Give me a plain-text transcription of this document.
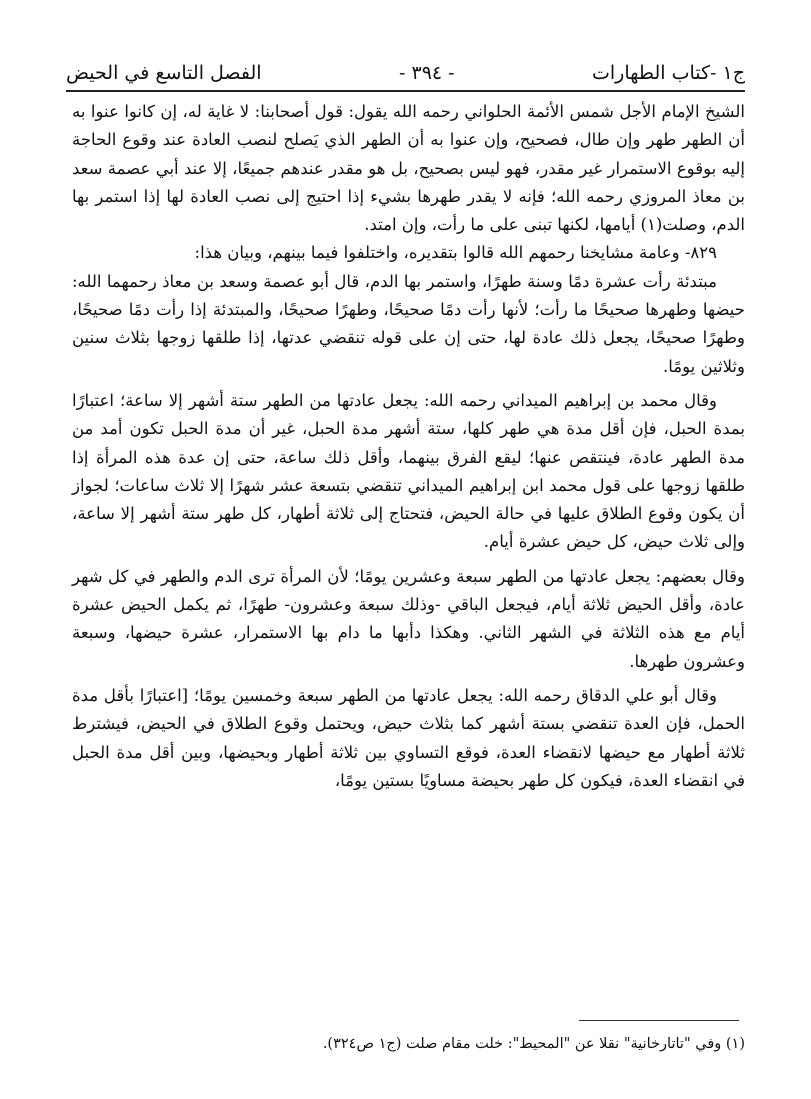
ج١ -كتاب الطهارات
- ٣٩٤ -
الفصل التاسع في الحيض

الشيخ الإمام الأجل شمس الأئمة الحلواني رحمه الله يقول: قول أصحابنا: لا غاية له، إن كانوا عنوا به أن الطهر طهر وإن طال، فصحيح، وإن عنوا به أن الطهر الذي يَصلح لنصب العادة عند وقوع الحاجة إليه بوقوع الاستمرار غير مقدر، فهو ليس بصحيح، بل هو مقدر عندهم جميعًا، إلا عند أبي عصمة سعد بن معاذ المروزي رحمه الله؛ فإنه لا يقدر طهرها بشيء إذا احتيج إلى نصب العادة لها إذا استمر بها الدم، وصلت(١) أيامها، لكنها تبنى على ما رأت، وإن امتد.

٨٢٩- وعامة مشايخنا رحمهم الله قالوا بتقديره، واختلفوا فيما بينهم، وبيان هذا:

مبتدئة رأت عشرة دمًا وسنة طهرًا، واستمر بها الدم، قال أبو عصمة وسعد بن معاذ رحمهما الله: حيضها وطهرها صحيحًا ما رأت؛ لأنها رأت دمًا صحيحًا، وطهرًا صحيحًا، والمبتدئة إذا رأت دمًا صحيحًا، وطهرًا صحيحًا، يجعل ذلك عادة لها، حتى إن على قوله تنقضي عدتها، إذا طلقها زوجها بثلاث سنين وثلاثين يومًا.

وقال محمد بن إبراهيم الميداني رحمه الله: يجعل عادتها من الطهر ستة أشهر إلا ساعة؛ اعتبارًا بمدة الحبل، فإن أقل مدة هي طهر كلها، ستة أشهر مدة الحبل، غير أن مدة الحبل تكون أمد من مدة الطهر عادة، فينتقص عنها؛ ليقع الفرق بينهما، وأقل ذلك ساعة، حتى إن عدة هذه المرأة إذا طلقها زوجها على قول محمد ابن إبراهيم الميداني تنقضي بتسعة عشر شهرًا إلا ثلاث ساعات؛ لجواز أن يكون وقوع الطلاق عليها في حالة الحيض، فتحتاج إلى ثلاثة أطهار، كل طهر ستة أشهر إلا ساعة، وإلى ثلاث حيض، كل حيض عشرة أيام.

وقال بعضهم: يجعل عادتها من الطهر سبعة وعشرين يومًا؛ لأن المرأة ترى الدم والطهر في كل شهر عادة، وأقل الحيض ثلاثة أيام، فيجعل الباقي -وذلك سبعة وعشرون- طهرًا، ثم يكمل الحيض عشرة أيام مع هذه الثلاثة في الشهر الثاني. وهكذا دأبها ما دام بها الاستمرار، عشرة حيضها، وسبعة وعشرون طهرها.

وقال أبو علي الدقاق رحمه الله: يجعل عادتها من الطهر سبعة وخمسين يومًا؛ [اعتبارًا بأقل مدة الحمل، فإن العدة تنقضي بستة أشهر كما بثلاث حيض، ويحتمل وقوع الطلاق في الحيض، فيشترط ثلاثة أطهار مع حيضها لانقضاء العدة، فوقع التساوي بين ثلاثة أطهار وبحيضها، وبين أقل مدة الحبل في انقضاء العدة، فيكون كل طهر بحيضة مساويًا بستين يومًا،

(١) وفي "تاتارخانية" نقلا عن "المحيط": خلت مقام صلت (ج١ ص٣٢٤).
